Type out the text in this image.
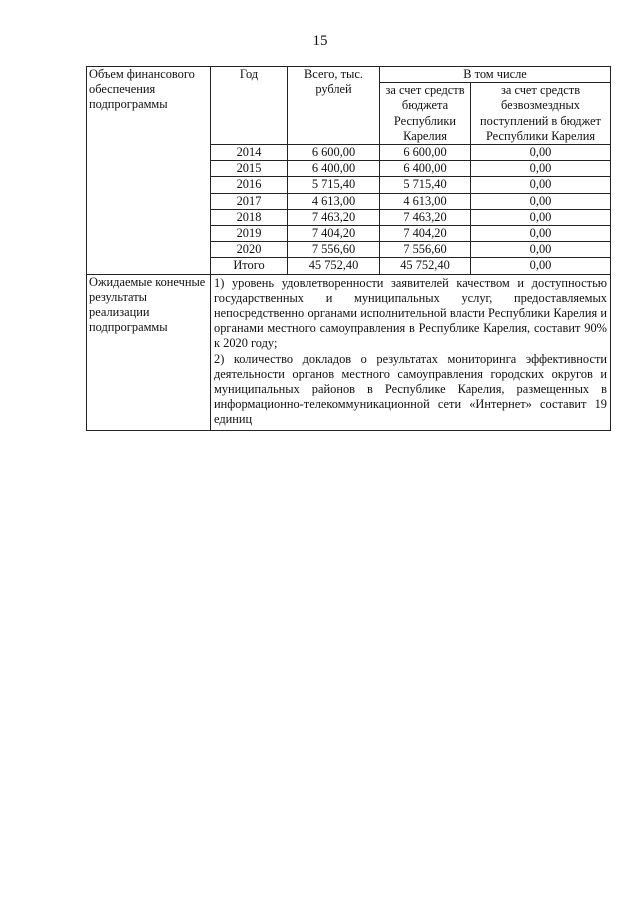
15
Объем финансового обеспечения подпрограммы	Год	Всего, тыс. рублей	В том числе	
			за счет средств бюджета Республики Карелия	за счет средств безвозмездных поступлений в бюджет Республики Карелия
	2014	6 600,00	6 600,00	0,00
	2015	6 400,00	6 400,00	0,00
	2016	5 715,40	5 715,40	0,00
	2017	4 613,00	4 613,00	0,00
	2018	7 463,20	7 463,20	0,00
	2019	7 404,20	7 404,20	0,00
	2020	7 556,60	7 556,60	0,00
	Итого	45 752,40	45 752,40	0,00
Ожидаемые конечные результаты реализации подпрограммы	1) уровень удовлетворенности заявителей качеством и доступностью государственных и муниципальных услуг, предоставляемых непосредственно органами исполнительной власти Республики Карелия и органами местного самоуправления в Республике Карелия, составит 90% к 2020 году;

2) количество докладов о результатах мониторинга эффективности деятельности органов местного самоуправления городских округов и муниципальных районов в Республике Карелия, размещенных в информационно-телекоммуникационной сети «Интернет» составит 19 единиц			
